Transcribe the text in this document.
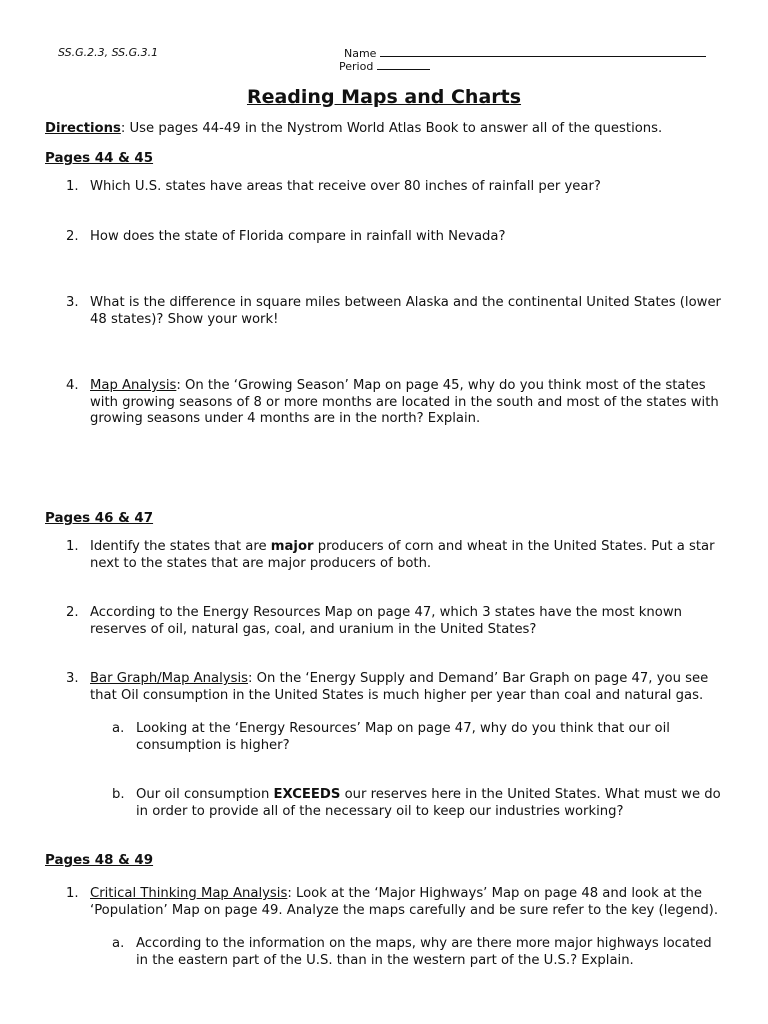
SS.G.2.3, SS.G.3.1	Name
Period
Reading Maps and Charts
Directions: Use pages 44-49 in the Nystrom World Atlas Book to answer all of the questions.
Pages 44 & 45
1. Which U.S. states have areas that receive over 80 inches of rainfall per year?
2. How does the state of Florida compare in rainfall with Nevada?
3. What is the difference in square miles between Alaska and the continental United States (lower 48 states)? Show your work!
4. Map Analysis: On the ‘Growing Season’ Map on page 45, why do you think most of the states with growing seasons of 8 or more months are located in the south and most of the states with growing seasons under 4 months are in the north? Explain.
Pages 46 & 47
1. Identify the states that are major producers of corn and wheat in the United States. Put a star next to the states that are major producers of both.
2. According to the Energy Resources Map on page 47, which 3 states have the most known reserves of oil, natural gas, coal, and uranium in the United States?
3. Bar Graph/Map Analysis: On the ‘Energy Supply and Demand’ Bar Graph on page 47, you see that Oil consumption in the United States is much higher per year than coal and natural gas.
a. Looking at the ‘Energy Resources’ Map on page 47, why do you think that our oil consumption is higher?
b. Our oil consumption EXCEEDS our reserves here in the United States. What must we do in order to provide all of the necessary oil to keep our industries working?
Pages 48 & 49
1. Critical Thinking Map Analysis: Look at the ‘Major Highways’ Map on page 48 and look at the ‘Population’ Map on page 49. Analyze the maps carefully and be sure refer to the key (legend).
a. According to the information on the maps, why are there more major highways located in the eastern part of the U.S. than in the western part of the U.S.? Explain.
